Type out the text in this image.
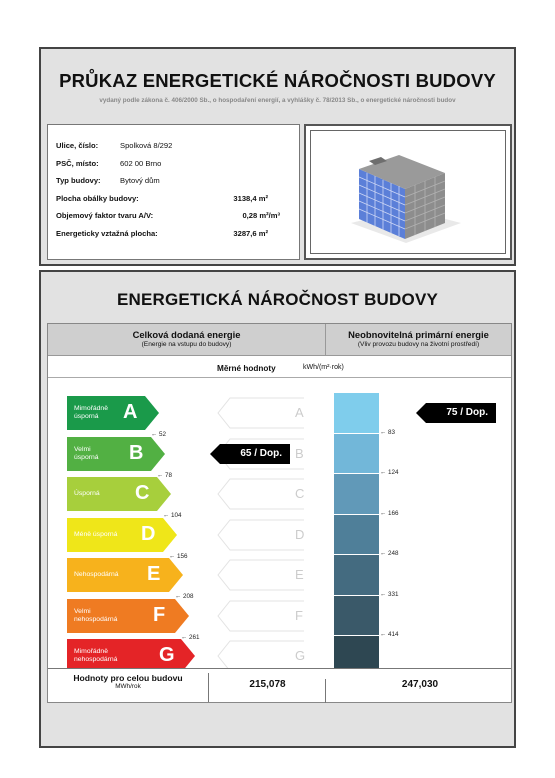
PRŮKAZ ENERGETICKÉ NÁROČNOSTI BUDOVY
vydaný podle zákona č. 406/2000 Sb., o hospodaření energií, a vyhlášky č. 78/2013 Sb., o energetické náročnosti budov
Ulice, číslo:	Spolková 8/292
PSČ, místo:	602 00 Brno
Typ budovy:	Bytový dům
Plocha obálky budovy:	3138,4 m²
Objemový faktor tvaru A/V:	0,28 m²/m³
Energeticky vztažná plocha:	3287,6 m²
ENERGETICKÁ NÁROČNOST BUDOVY
Celková dodaná energie
(Energie na vstupu do budovy)
Neobnovitelná primární energie
(Vliv provozu budovy na životní prostředí)
Měrné hodnoty	kWh/(m²·rok)
Mimořádně
úsporná	A	A
← 52
Velmi
úsporná B	B
← 78
Úsporná C	C
← 104
Méně úsporná D	D
← 156
Nehospodárná E	E
← 208
Velmi
nehospodárná F	F
← 261
Mimořádně
nehospodárná G	G
← 83
← 124
← 166
← 248
← 331
← 414
65 / Dop.
75 / Dop.
Hodnoty pro celou budovu
MWh/rok	215,078	247,030
